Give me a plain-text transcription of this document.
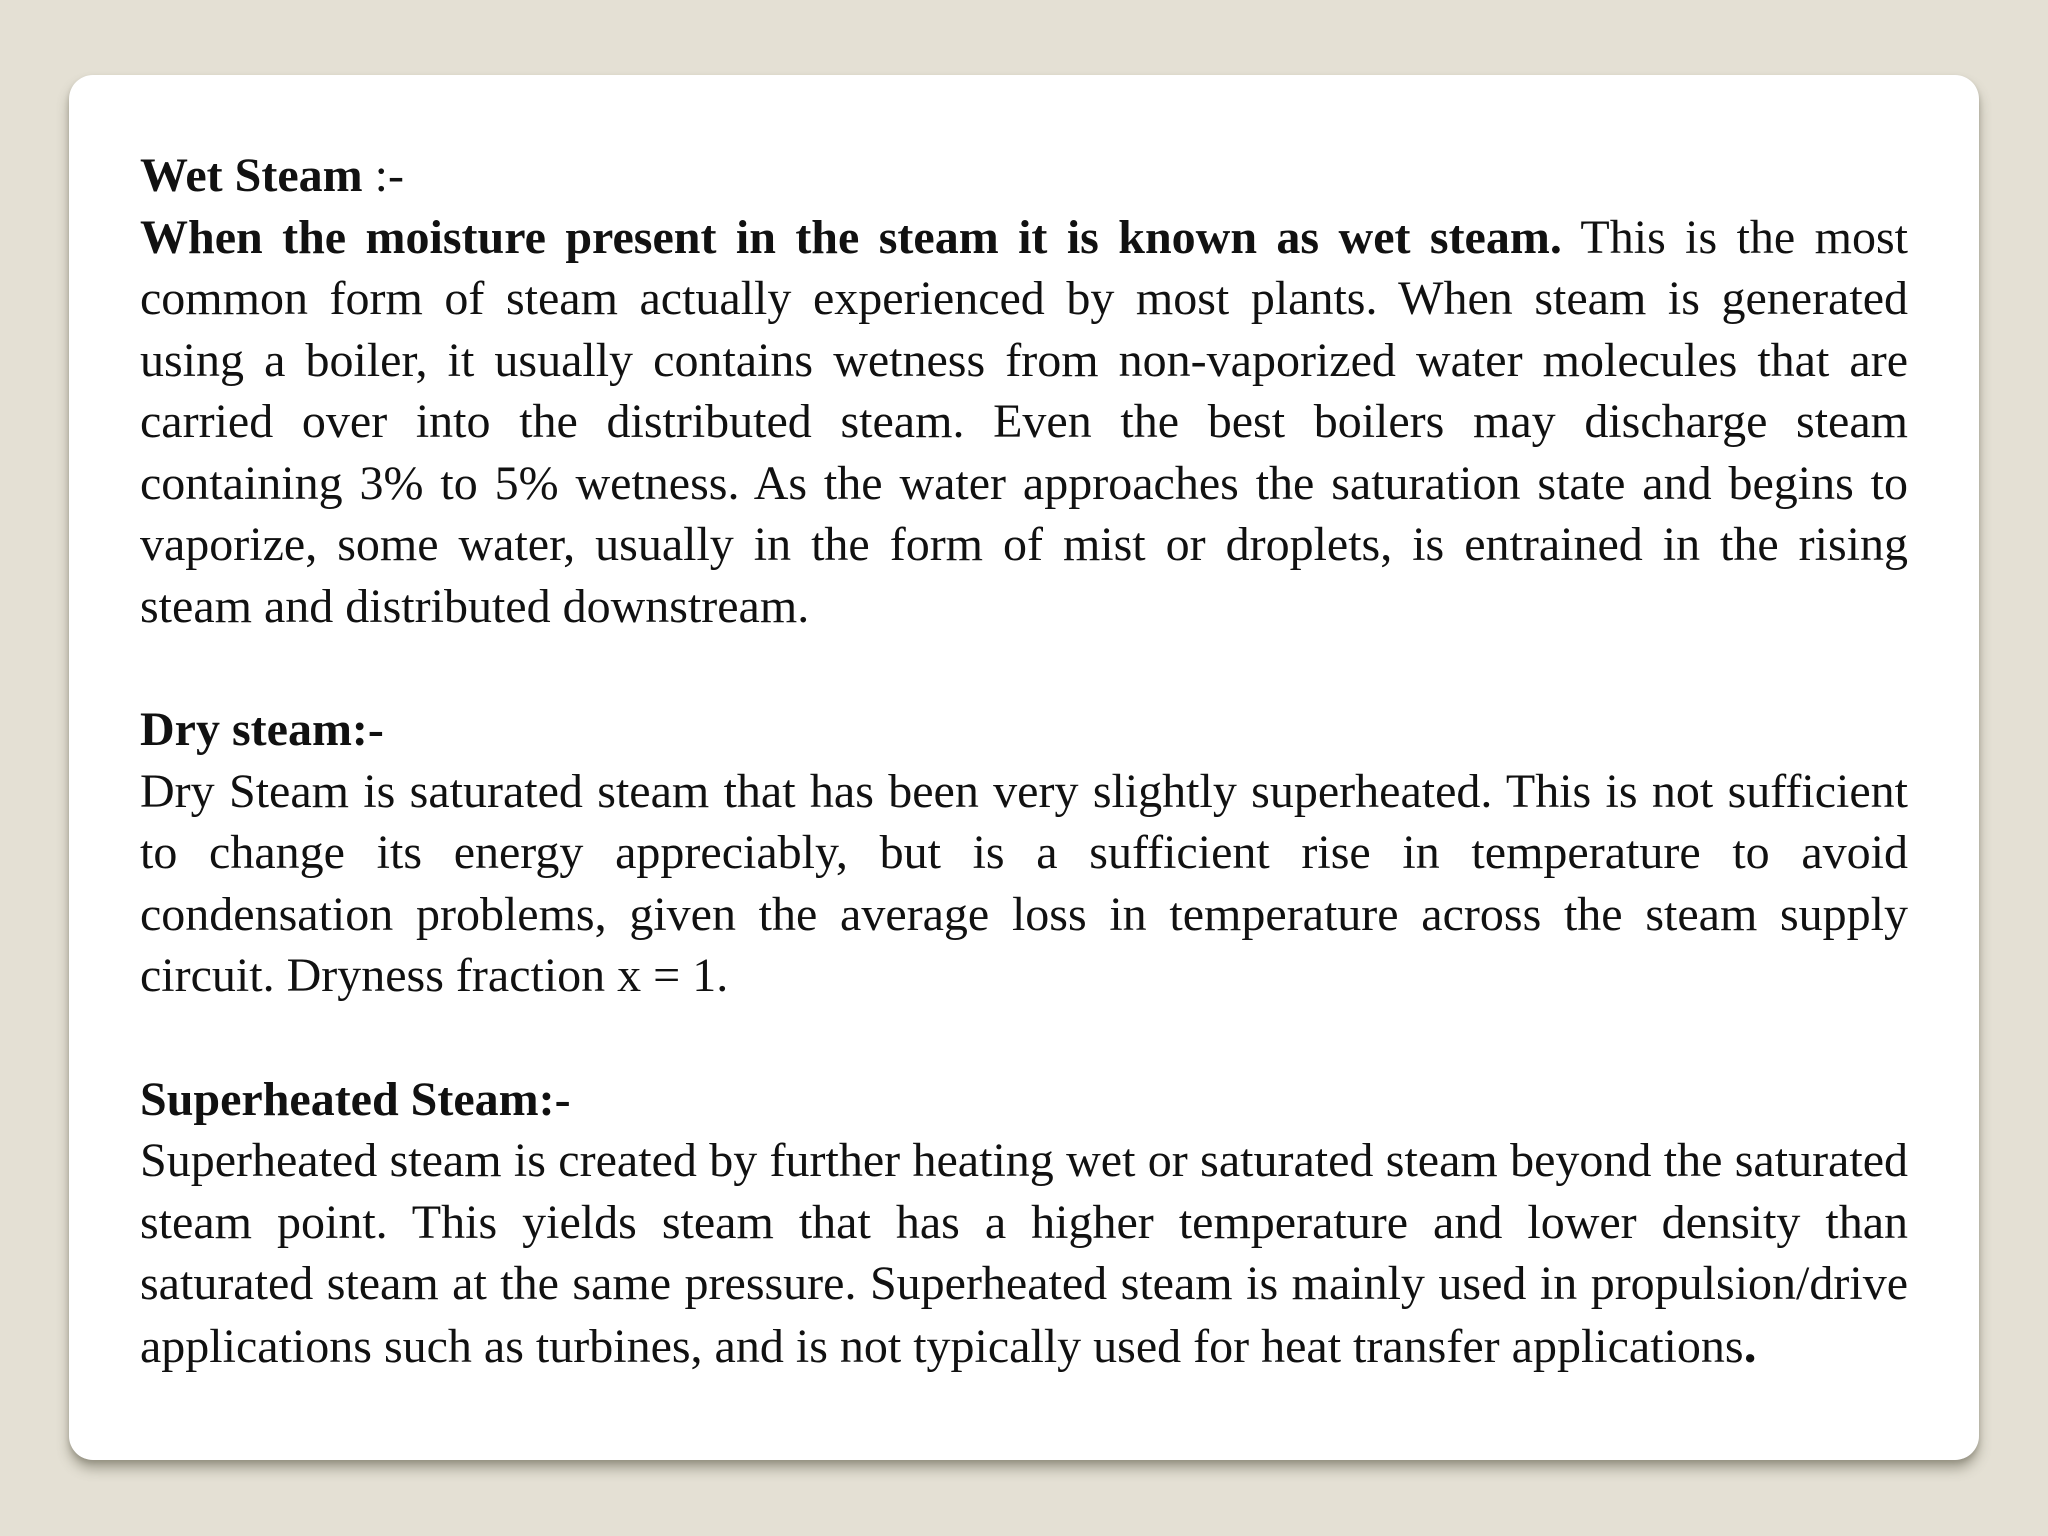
Wet Steam :-

When the moisture present in the steam it is known as wet steam. This is the most common form of steam actually experienced by most plants. When steam is generated using a boiler, it usually contains wetness from non-vaporized water molecules that are carried over into the distributed steam. Even the best boilers may discharge steam containing 3% to 5% wetness. As the water approaches the saturation state and begins to vaporize, some water, usually in the form of mist or droplets, is entrained in the rising steam and distributed downstream.

Dry steam:-

Dry Steam is saturated steam that has been very slightly superheated. This is not sufficient to change its energy appreciably, but is a sufficient rise in temperature to avoid condensation problems, given the average loss in temperature across the steam supply circuit. Dryness fraction x = 1.

Superheated Steam:-

Superheated steam is created by further heating wet or saturated steam beyond the saturated steam point. This yields steam that has a higher temperature and lower density than saturated steam at the same pressure. Superheated steam is mainly used in propulsion/drive applications such as turbines, and is not typically used for heat transfer applications.
